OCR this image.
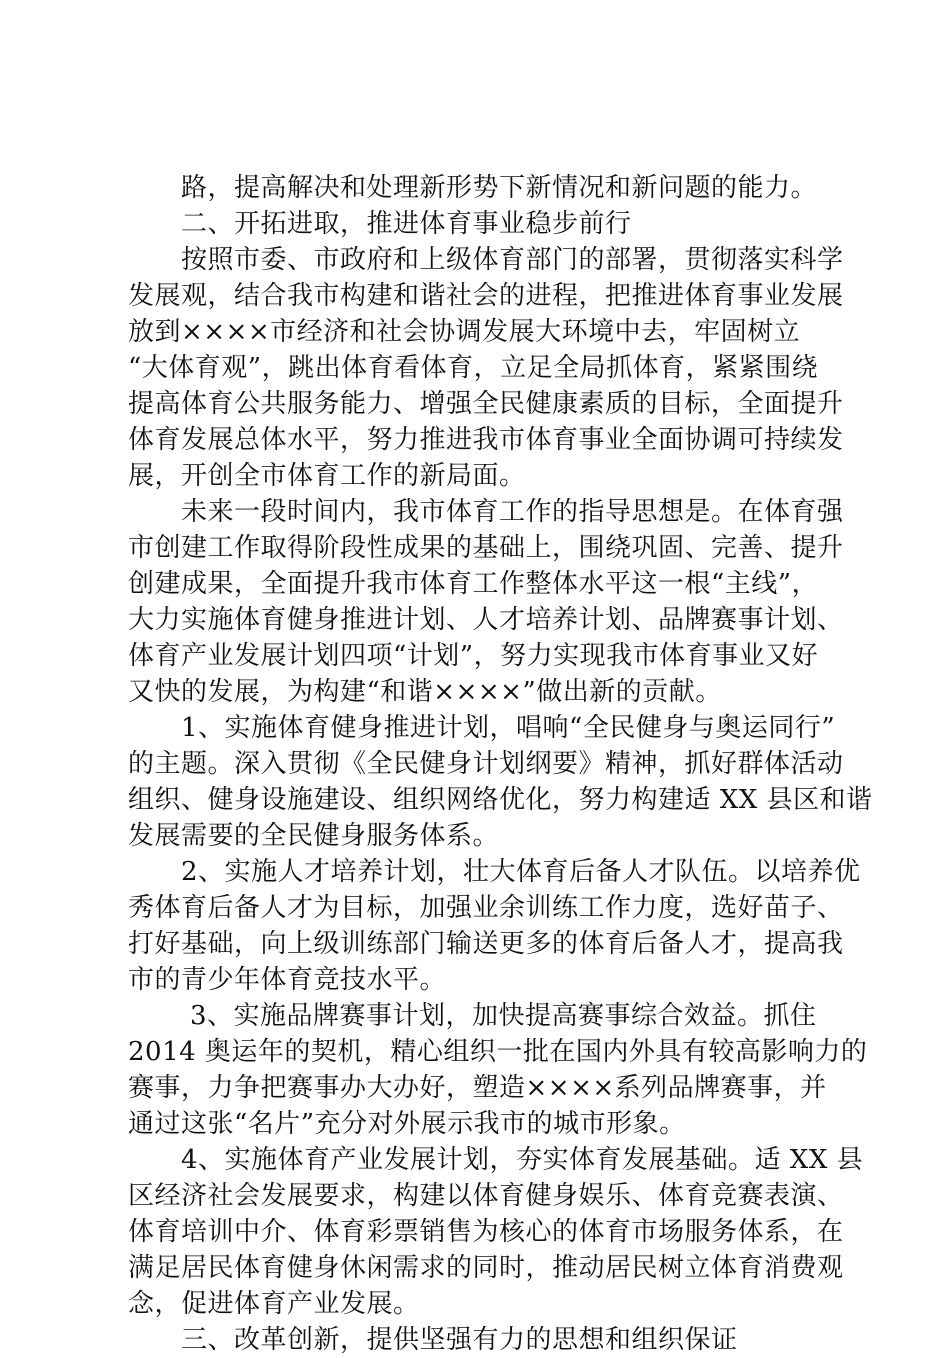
路，提高解决和处理新形势下新情况和新问题的能力。
二、开拓进取，推进体育事业稳步前行
按照市委、市政府和上级体育部门的部署，贯彻落实科学
发展观，结合我市构建和谐社会的进程，把推进体育事业发展
放到××××市经济和社会协调发展大环境中去，牢固树立
“大体育观”，跳出体育看体育，立足全局抓体育，紧紧围绕
提高体育公共服务能力、增强全民健康素质的目标，全面提升
体育发展总体水平，努力推进我市体育事业全面协调可持续发
展，开创全市体育工作的新局面。
未来一段时间内，我市体育工作的指导思想是。在体育强
市创建工作取得阶段性成果的基础上，围绕巩固、完善、提升
创建成果，全面提升我市体育工作整体水平这一根“主线”，
大力实施体育健身推进计划、人才培养计划、品牌赛事计划、
体育产业发展计划四项“计划”，努力实现我市体育事业又好
又快的发展，为构建“和谐××××”做出新的贡献。
1、实施体育健身推进计划，唱响“全民健身与奥运同行”
的主题。深入贯彻《全民健身计划纲要》精神，抓好群体活动
组织、健身设施建设、组织网络优化，努力构建适 XX 县区和谐
发展需要的全民健身服务体系。
2、实施人才培养计划，壮大体育后备人才队伍。以培养优
秀体育后备人才为目标，加强业余训练工作力度，选好苗子、
打好基础，向上级训练部门输送更多的体育后备人才，提高我
市的青少年体育竞技水平。
3、实施品牌赛事计划，加快提高赛事综合效益。抓住
2014 奥运年的契机，精心组织一批在国内外具有较高影响力的
赛事，力争把赛事办大办好，塑造××××系列品牌赛事，并
通过这张“名片”充分对外展示我市的城市形象。
4、实施体育产业发展计划，夯实体育发展基础。适 XX 县
区经济社会发展要求，构建以体育健身娱乐、体育竞赛表演、
体育培训中介、体育彩票销售为核心的体育市场服务体系，在
满足居民体育健身休闲需求的同时，推动居民树立体育消费观
念，促进体育产业发展。
三、改革创新，提供坚强有力的思想和组织保证
